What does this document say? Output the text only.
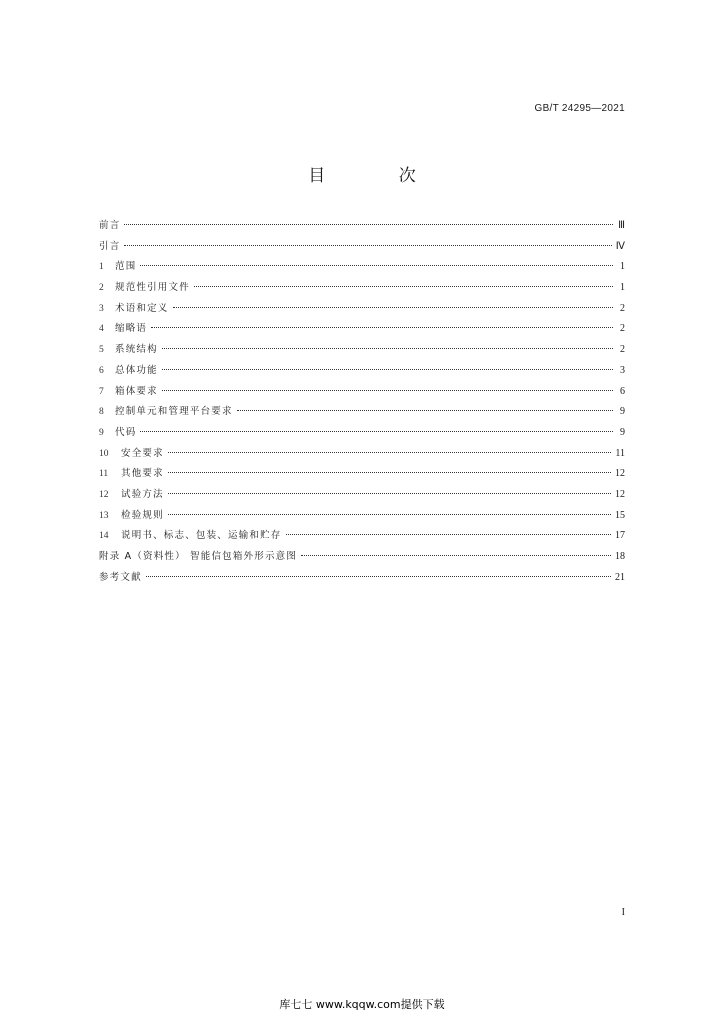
GB/T 24295—2021
目 次
前言	Ⅲ
引言	Ⅳ
1	范围	1
2	规范性引用文件	1
3	术语和定义	2
4	缩略语	2
5	系统结构	2
6	总体功能	3
7	箱体要求	6
8	控制单元和管理平台要求	9
9	代码	9
10	安全要求	11
11	其他要求	12
12	试验方法	12
13	检验规则	15
14	说明书、标志、包装、运输和贮存	17
附录 A（资料性） 智能信包箱外形示意图	18
参考文献	21
I
库七七 www.kqqw.com提供下载
